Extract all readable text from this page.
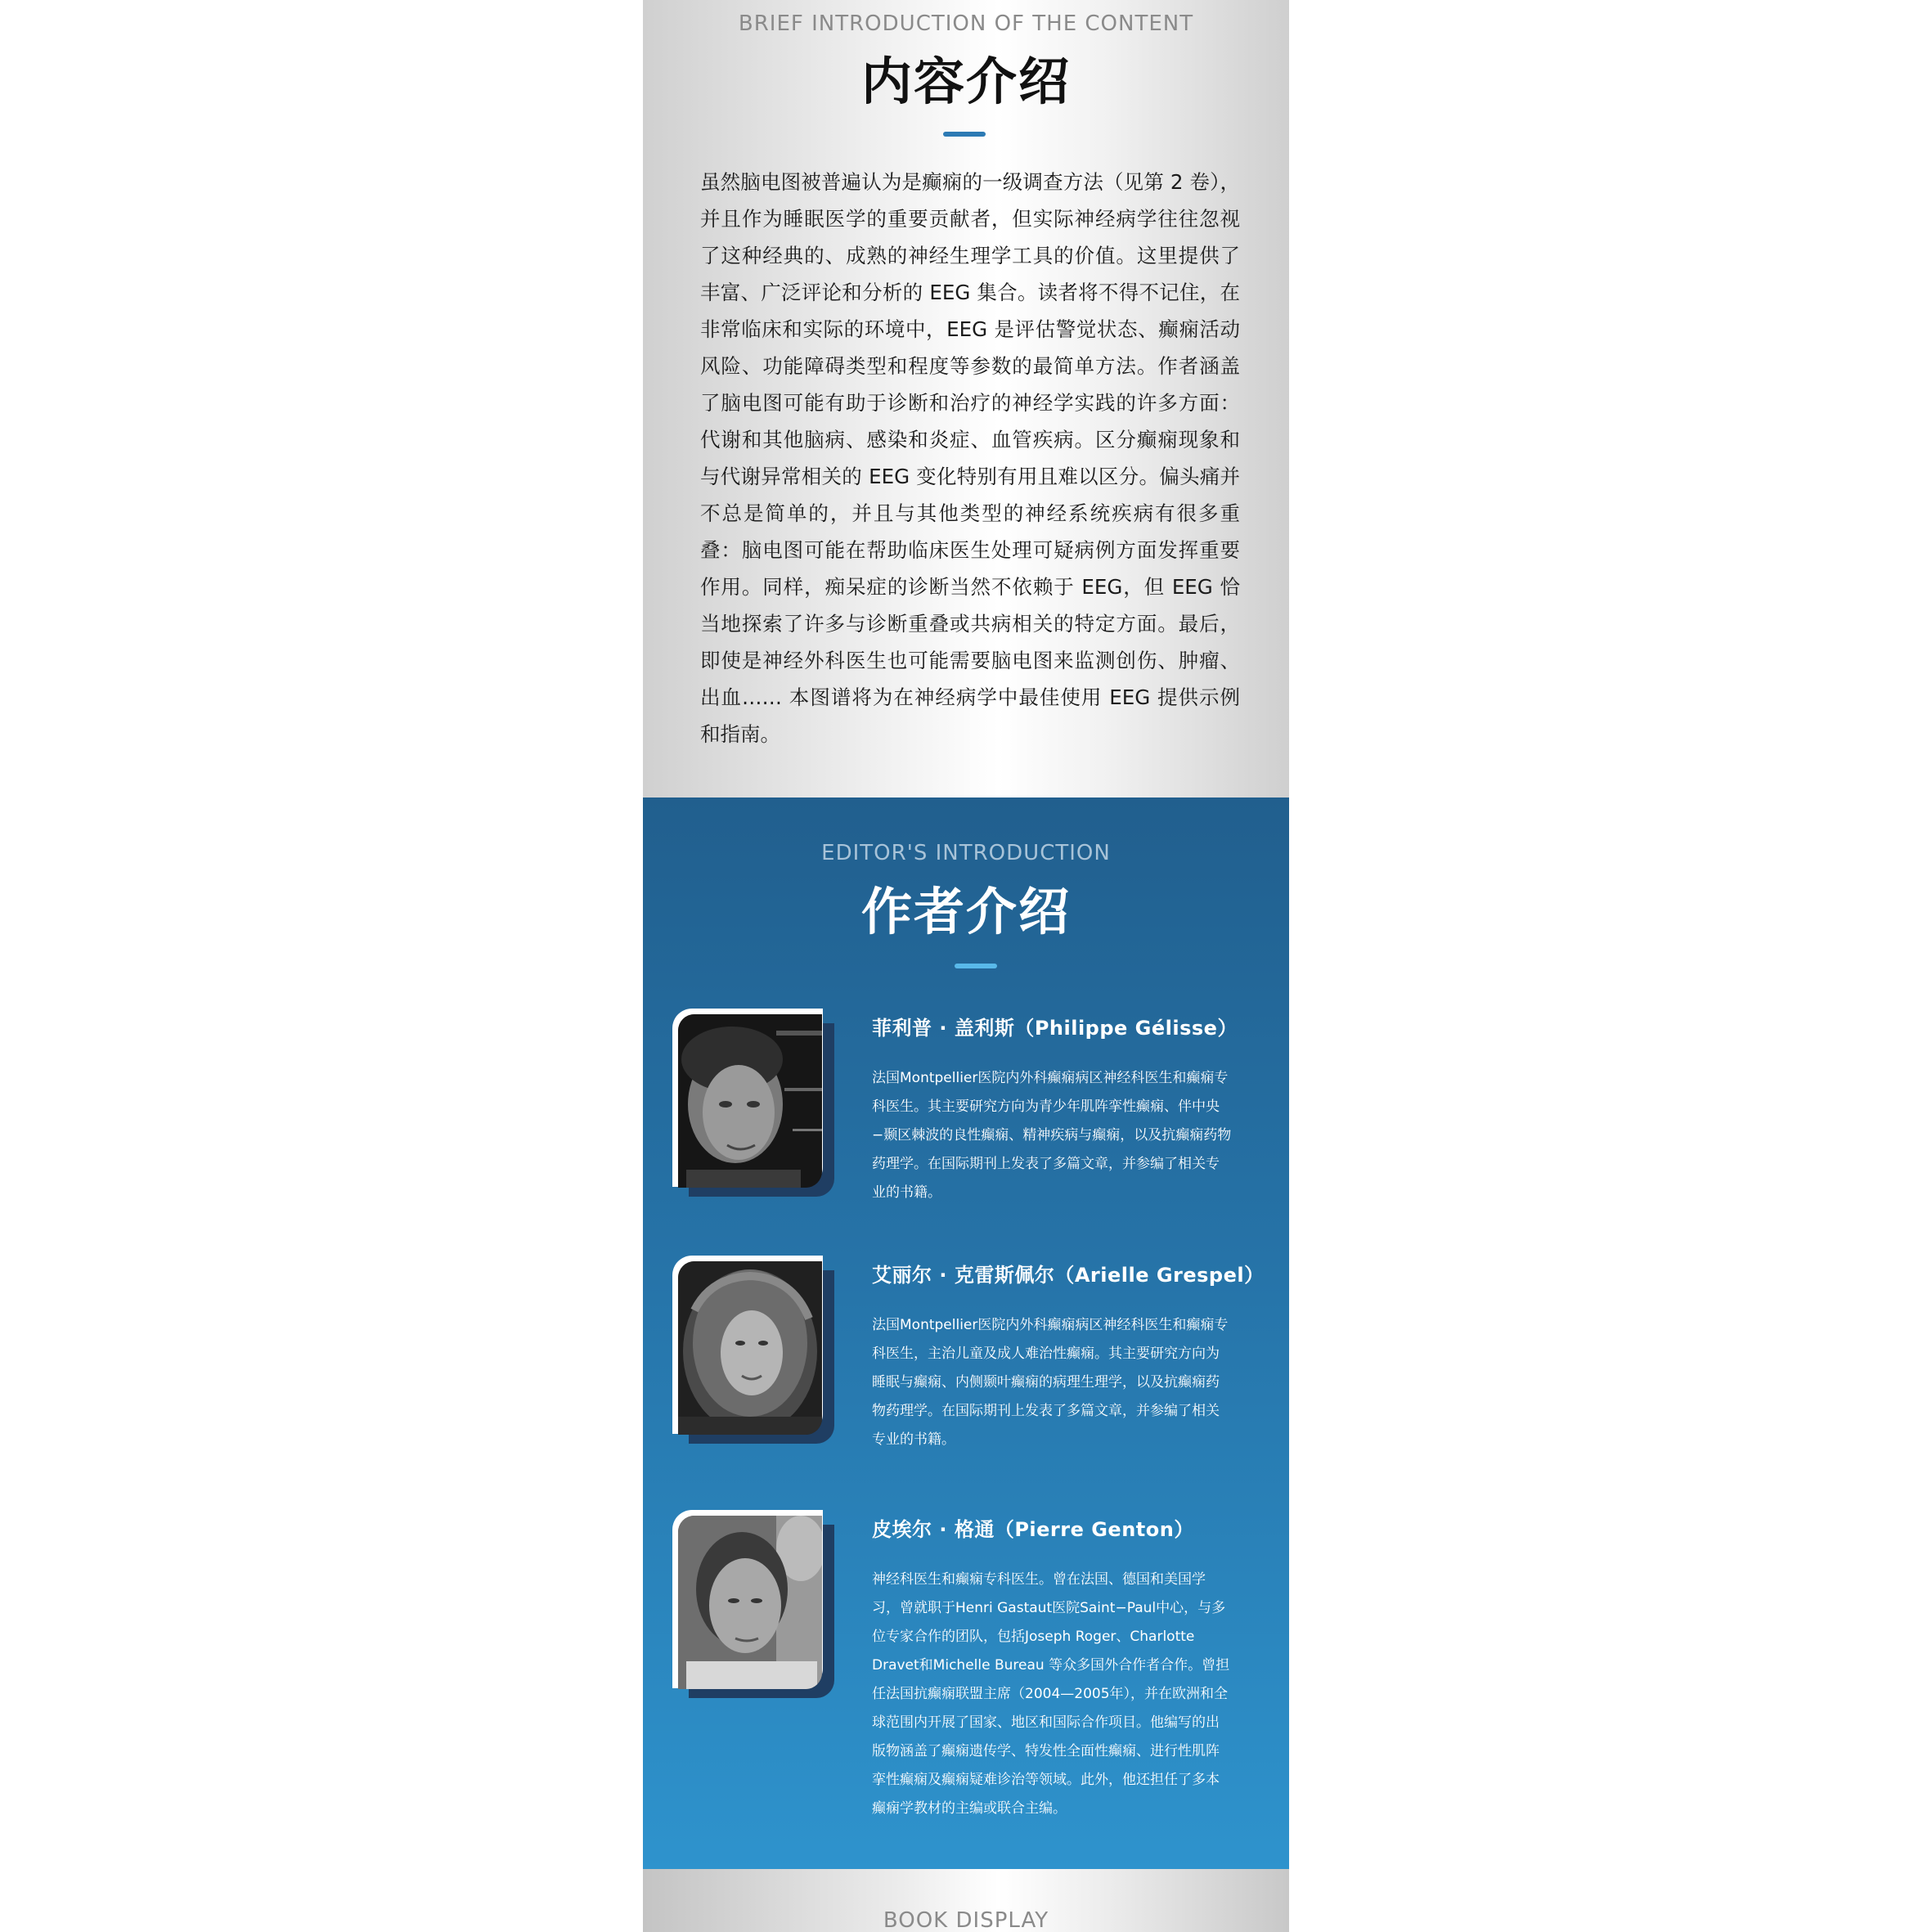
BRIEF INTRODUCTION OF THE CONTENT
内容介绍
虽然脑电图被普遍认为是癫痫的一级调查方法（见第 2 卷），并且作为睡眠医学的重要贡献者，但实际神经病学往往忽视了这种经典的、成熟的神经生理学工具的价值。这里提供了丰富、广泛评论和分析的 EEG 集合。读者将不得不记住，在非常临床和实际的环境中，EEG 是评估警觉状态、癫痫活动风险、功能障碍类型和程度等参数的最简单方法。作者涵盖了脑电图可能有助于诊断和治疗的神经学实践的许多方面：代谢和其他脑病、感染和炎症、血管疾病。区分癫痫现象和与代谢异常相关的 EEG 变化特别有用且难以区分。偏头痛并不总是简单的，并且与其他类型的神经系统疾病有很多重叠：脑电图可能在帮助临床医生处理可疑病例方面发挥重要作用。同样，痴呆症的诊断当然不依赖于 EEG，但 EEG 恰当地探索了许多与诊断重叠或共病相关的特定方面。最后，即使是神经外科医生也可能需要脑电图来监测创伤、肿瘤、出血…… 本图谱将为在神经病学中最佳使用 EEG 提供示例和指南。
EDITOR'S INTRODUCTION
作者介绍
菲利普 · 盖利斯（Philippe Gélisse）
法国Montpellier医院内外科癫痫病区神经科医生和癫痫专科医生。其主要研究方向为青少年肌阵挛性癫痫、伴中央−颞区棘波的良性癫痫、精神疾病与癫痫，以及抗癫痫药物药理学。在国际期刊上发表了多篇文章，并参编了相关专业的书籍。
艾丽尔 · 克雷斯佩尔（Arielle Grespel）
法国Montpellier医院内外科癫痫病区神经科医生和癫痫专科医生，主治儿童及成人难治性癫痫。其主要研究方向为睡眠与癫痫、内侧颞叶癫痫的病理生理学，以及抗癫痫药物药理学。在国际期刊上发表了多篇文章，并参编了相关专业的书籍。
皮埃尔 · 格通（Pierre Genton）
神经科医生和癫痫专科医生。曾在法国、德国和美国学习，曾就职于Henri Gastaut医院Saint−Paul中心，与多位专家合作的团队，包括Joseph Roger、Charlotte Dravet和Michelle Bureau 等众多国外合作者合作。曾担任法国抗癫痫联盟主席（2004—2005年），并在欧洲和全球范围内开展了国家、地区和国际合作项目。他编写的出版物涵盖了癫痫遗传学、特发性全面性癫痫、进行性肌阵挛性癫痫及癫痫疑难诊治等领域。此外，他还担任了多本癫痫学教材的主编或联合主编。
BOOK DISPLAY
